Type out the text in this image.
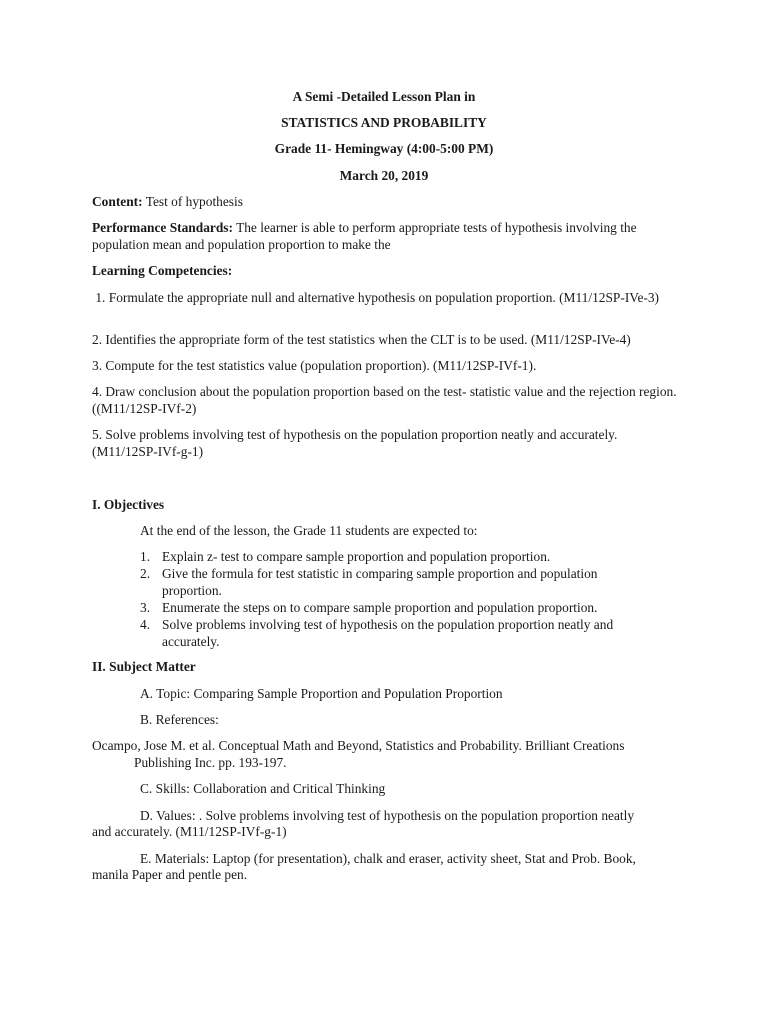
A Semi -Detailed Lesson Plan in
STATISTICS AND PROBABILITY
Grade 11- Hemingway (4:00-5:00 PM)
March 20, 2019
Content: Test of hypothesis
Performance Standards: The learner is able to perform appropriate tests of hypothesis involving the population mean and population proportion to make the
Learning Competencies:
1. Formulate the appropriate null and alternative hypothesis on population proportion. (M11/12SP-IVe-3)
2. Identifies the appropriate form of the test statistics when the CLT is to be used. (M11/12SP-IVe-4)
3. Compute for the test statistics value (population proportion). (M11/12SP-IVf-1).
4. Draw conclusion about the population proportion based on the test- statistic value and the rejection region. ((M11/12SP-IVf-2)
5. Solve problems involving test of hypothesis on the population proportion neatly and accurately. (M11/12SP-IVf-g-1)
I. Objectives
At the end of the lesson, the Grade 11 students are expected to:
1. Explain z- test to compare sample proportion and population proportion.
2. Give the formula for test statistic in comparing sample proportion and population proportion.
3. Enumerate the steps on to compare sample proportion and population proportion.
4. Solve problems involving test of hypothesis on the population proportion neatly and accurately.
II. Subject Matter
A. Topic: Comparing Sample Proportion and Population Proportion
B. References:
Ocampo, Jose M. et al. Conceptual Math and Beyond, Statistics and Probability. Brilliant Creations
Publishing Inc. pp. 193-197.
C. Skills: Collaboration and Critical Thinking
D. Values: . Solve problems involving test of hypothesis on the population proportion neatly
and accurately. (M11/12SP-IVf-g-1)
E. Materials: Laptop (for presentation), chalk and eraser, activity sheet, Stat and Prob. Book,
manila Paper and pentle pen.
